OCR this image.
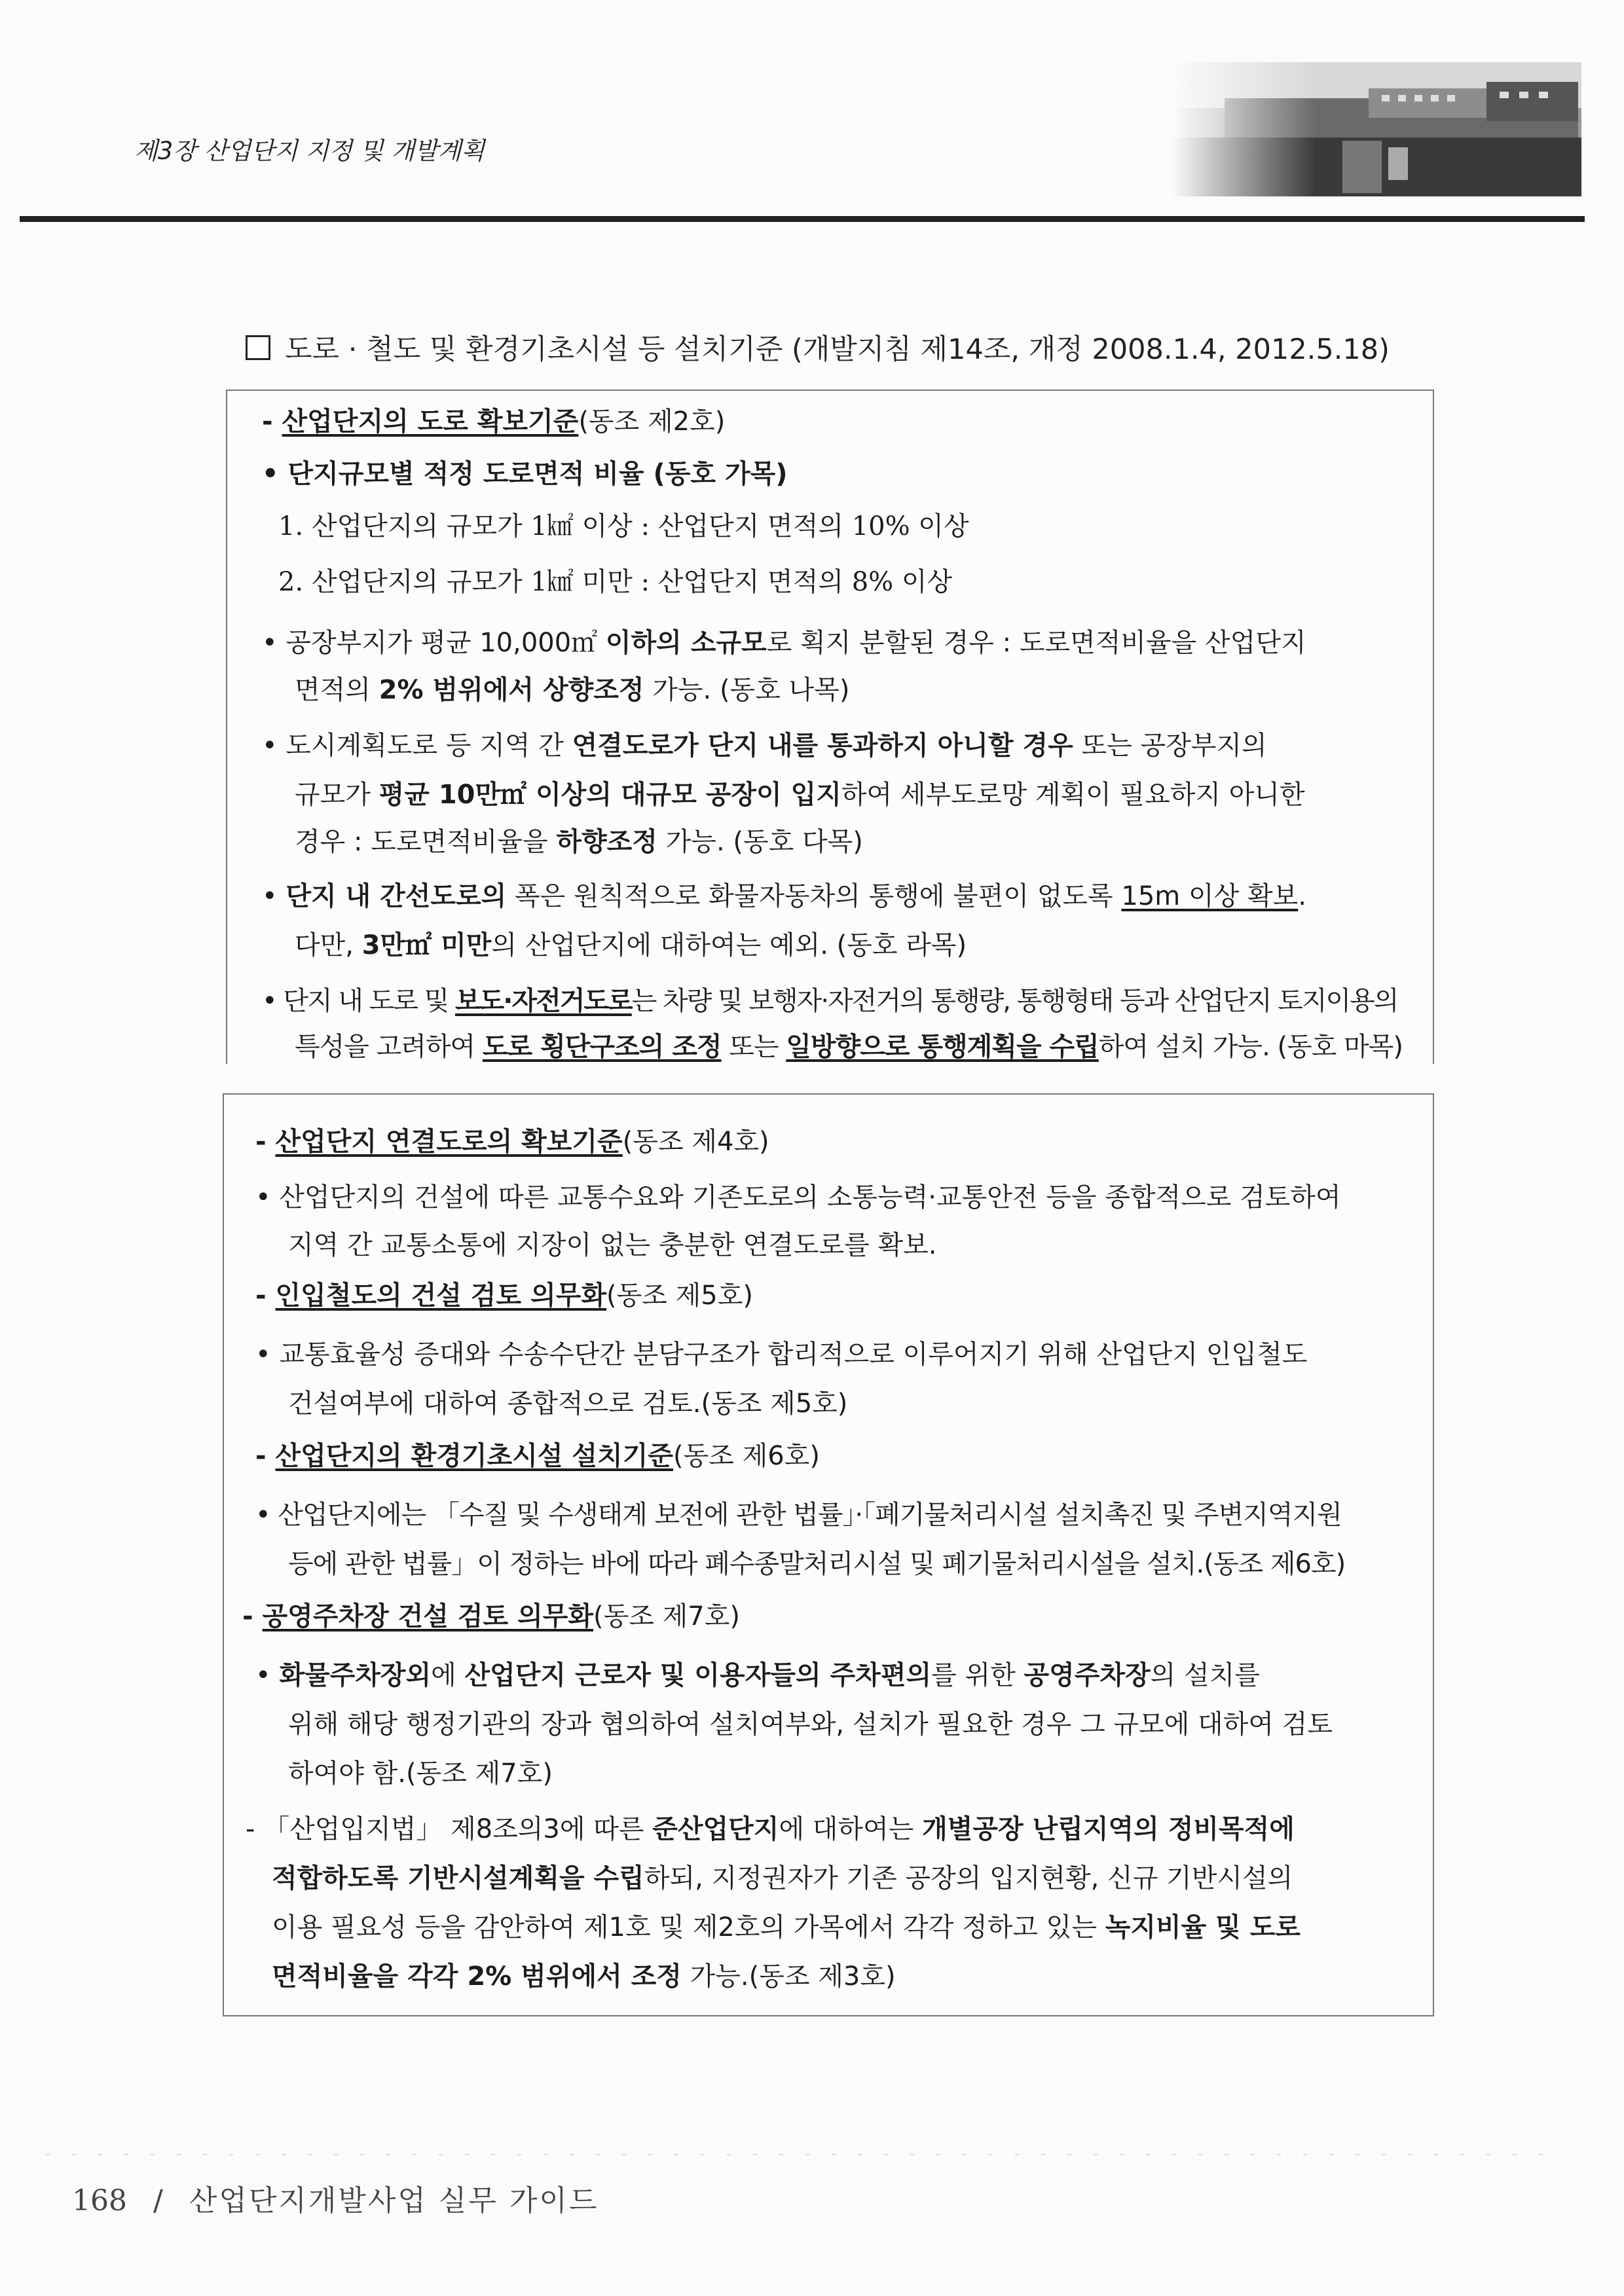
제3장 산업단지 지정 및 개발계획
도로 · 철도 및 환경기초시설 등 설치기준 (개발지침 제14조, 개정 2008.1.4, 2012.5.18)
- 산업단지의 도로 확보기준(동조 제2호)
• 단지규모별 적정 도로면적 비율 (동호 가목)
1. 산업단지의 규모가 1㎢ 이상 : 산업단지 면적의 10% 이상
2. 산업단지의 규모가 1㎢ 미만 : 산업단지 면적의 8% 이상
• 공장부지가 평균 10,000㎡ 이하의 소규모로 획지 분할된 경우 : 도로면적비율을 산업단지
면적의 2% 범위에서 상향조정 가능. (동호 나목)
• 도시계획도로 등 지역 간 연결도로가 단지 내를 통과하지 아니할 경우 또는 공장부지의
규모가 평균 10만㎡ 이상의 대규모 공장이 입지하여 세부도로망 계획이 필요하지 아니한
경우 : 도로면적비율을 하향조정 가능. (동호 다목)
• 단지 내 간선도로의 폭은 원칙적으로 화물자동차의 통행에 불편이 없도록 15m 이상 확보.
다만, 3만㎡ 미만의 산업단지에 대하여는 예외. (동호 라목)
• 단지 내 도로 및 보도·자전거도로는 차량 및 보행자·자전거의 통행량, 통행형태 등과 산업단지 토지이용의
특성을 고려하여 도로 횡단구조의 조정 또는 일방향으로 통행계획을 수립하여 설치 가능. (동호 마목)
- 산업단지 연결도로의 확보기준(동조 제4호)
• 산업단지의 건설에 따른 교통수요와 기존도로의 소통능력·교통안전 등을 종합적으로 검토하여
지역 간 교통소통에 지장이 없는 충분한 연결도로를 확보.
- 인입철도의 건설 검토 의무화(동조 제5호)
• 교통효율성 증대와 수송수단간 분담구조가 합리적으로 이루어지기 위해 산업단지 인입철도
건설여부에 대하여 종합적으로 검토.(동조 제5호)
- 산업단지의 환경기초시설 설치기준(동조 제6호)
• 산업단지에는 「수질 및 수생태계 보전에 관한 법률」·「폐기물처리시설 설치촉진 및 주변지역지원
등에 관한 법률」이 정하는 바에 따라 폐수종말처리시설 및 폐기물처리시설을 설치.(동조 제6호)
- 공영주차장 건설 검토 의무화(동조 제7호)
• 화물주차장외에 산업단지 근로자 및 이용자들의 주차편의를 위한 공영주차장의 설치를
위해 해당 행정기관의 장과 협의하여 설치여부와, 설치가 필요한 경우 그 규모에 대하여 검토
하여야 함.(동조 제7호)
- 「산업입지법」 제8조의3에 따른 준산업단지에 대하여는 개별공장 난립지역의 정비목적에
적합하도록 기반시설계획을 수립하되, 지정권자가 기존 공장의 입지현황, 신규 기반시설의
이용 필요성 등을 감안하여 제1호 및 제2호의 가목에서 각각 정하고 있는 녹지비율 및 도로
면적비율을 각각 2% 범위에서 조정 가능.(동조 제3호)
168 / 산업단지개발사업 실무 가이드
